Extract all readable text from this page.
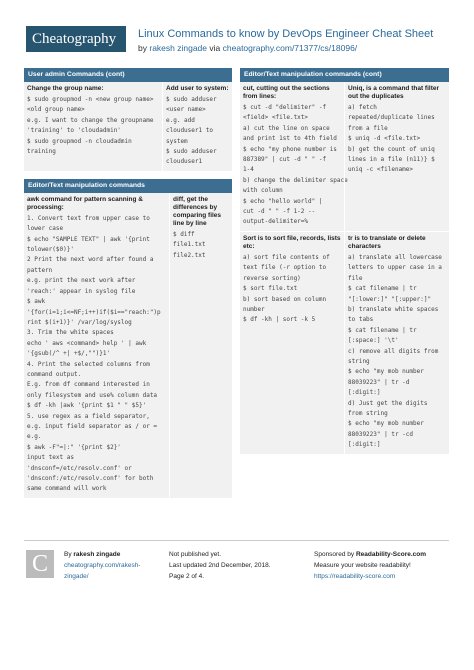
Cheatography	Linux Commands to know by DevOps Engineer Cheat Sheet
by rakesh zingade via cheatography.com/71377/cs/18096/
User admin Commands (cont)
Change the group name:
$ sudo groupmod -n <new group name>
<old group name>
e.g. I want to change the groupname
'training' to 'cloudadmin'
$ sudo groupmod -n cloudadmin
training
Add user to system:
$ sudo adduser
<user name>
e.g. add
clouduser1 to
system
$ sudo adduser
clouduser1
Editor/Text manipulation commands
awk command for pattern scanning &
processing:
1. Convert text from upper case to
lower case
$ echo "SAMPLE TEXT" | awk '{print
tolower($0)}'
2 Print the next word after found a
pattern
e.g. print the next work after
'reach:' appear in syslog file
$ awk
'{for(i=1;i<=NF;i++)if($i=="reach:")p
rint $(i+1)}' /var/log/syslog
3. Trim the white spaces
echo ' aws <command> help ' | awk
'{gsub(/^ +| +$/,"")}1'
4. Print the selected columns from
command output.
E.g. from df command interested in
only filesystem and use% column data
$ df -kh |awk '{print $1 " " $5}'
5. use regex as a field separator,
e.g. input field separator as / or =
e.g.
$ awk -F"=|:" '{print $2}'
input text as
'dnsconf=/etc/resolv.conf' or
'dnsconf:/etc/resolv.conf' for both
same command will work
diff, get the
differences by
comparing files
line by line
$ diff
file1.txt
file2.txt
Editor/Text manipulation commands (cont)
cut, cutting out the sections
from lines:
$ cut -d "delimiter" -f
<field> <file.txt>
a) cut the line on space
and print 1st to 4th field
$ echo "my phone number is
887389" | cut -d " " -f
1-4
b) change the delimiter space
with column
$ echo "hello world" |
cut -d " " -f 1-2 --
output-delimiter=%
Uniq, is a command that filter
out the duplicates
a) fetch
repeated/duplicate lines
from a file
$ uniq -d <file.txt>
b) get the count of uniq
lines in a file (n11)} $
uniq -c <filename>
Sort is to sort file, records, lists
etc:
a) sort file contents of
text file (-r option to
reverse sorting)
$ sort file.txt
b) sort based on column
number
$ df -kh | sort -k 5
tr is to translate or delete
characters
a) translate all lowercase
letters to upper case in a
file
$ cat filename | tr
"[:lower:]" "[:upper:]"
b) translate white spaces
to tabs
$ cat filename | tr
[:space:] '\t'
c) remove all digits from
string
$ echo "my mob number
88039223" | tr -d
[:digit:]
d) Just get the digits
from string
$ echo "my mob number
88039223" | tr -cd
[:digit:]
C	By rakesh zingade
cheatography.com/rakesh-
zingade/
Not published yet.
Last updated 2nd December, 2018.
Page 2 of 4.
Sponsored by Readability-Score.com
Measure your website readability!
https://readability-score.com
